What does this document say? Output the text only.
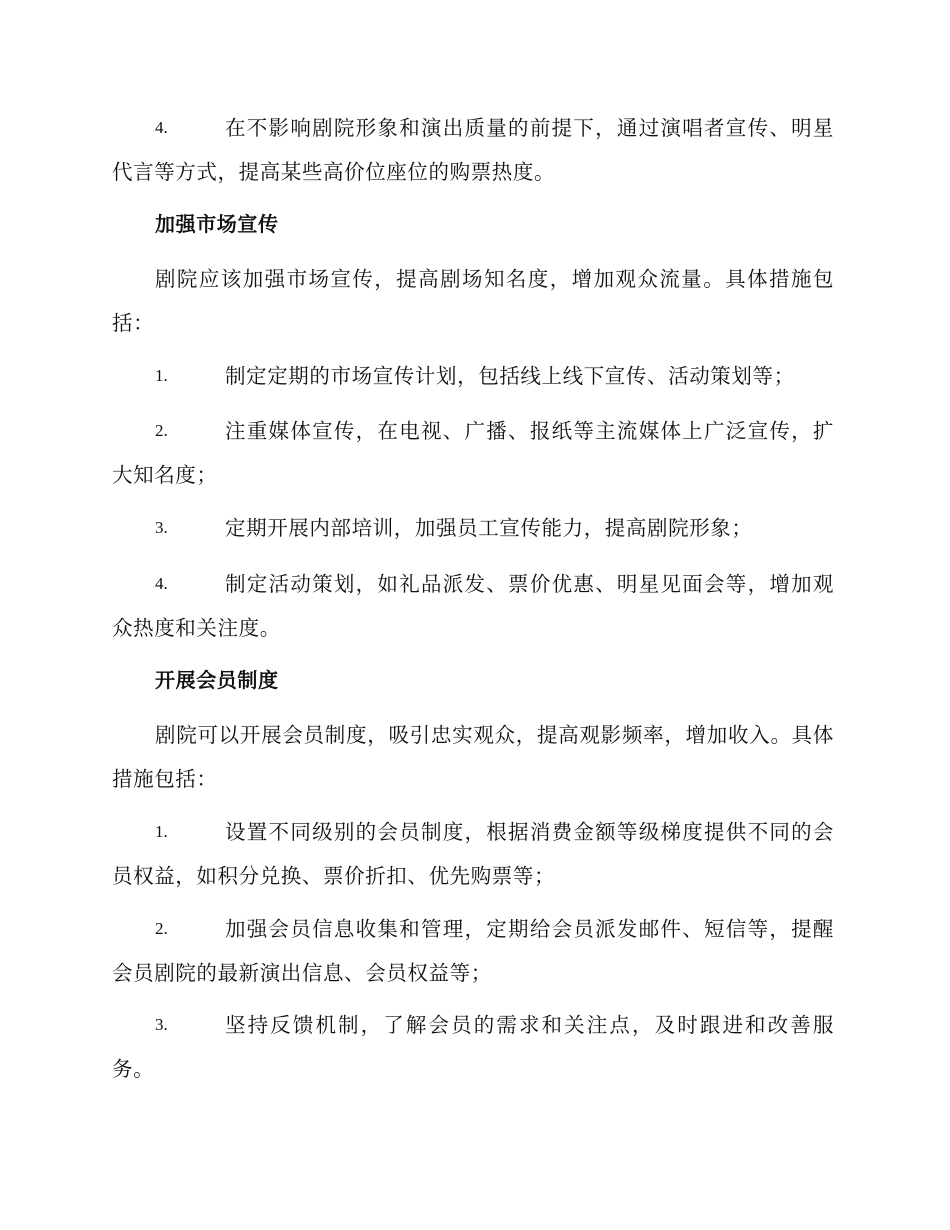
4.	在不影响剧院形象和演出质量的前提下，通过演唱者宣传、明星代言等方式，提高某些高价位座位的购票热度。
加强市场宣传
剧院应该加强市场宣传，提高剧场知名度，增加观众流量。具体措施包括：
1.	制定定期的市场宣传计划，包括线上线下宣传、活动策划等；
2.	注重媒体宣传，在电视、广播、报纸等主流媒体上广泛宣传，扩大知名度；
3.	定期开展内部培训，加强员工宣传能力，提高剧院形象；
4.	制定活动策划，如礼品派发、票价优惠、明星见面会等，增加观众热度和关注度。
开展会员制度
剧院可以开展会员制度，吸引忠实观众，提高观影频率，增加收入。具体措施包括：
1.	设置不同级别的会员制度，根据消费金额等级梯度提供不同的会员权益，如积分兑换、票价折扣、优先购票等；
2.	加强会员信息收集和管理，定期给会员派发邮件、短信等，提醒会员剧院的最新演出信息、会员权益等；
3.	坚持反馈机制，了解会员的需求和关注点，及时跟进和改善服务。
